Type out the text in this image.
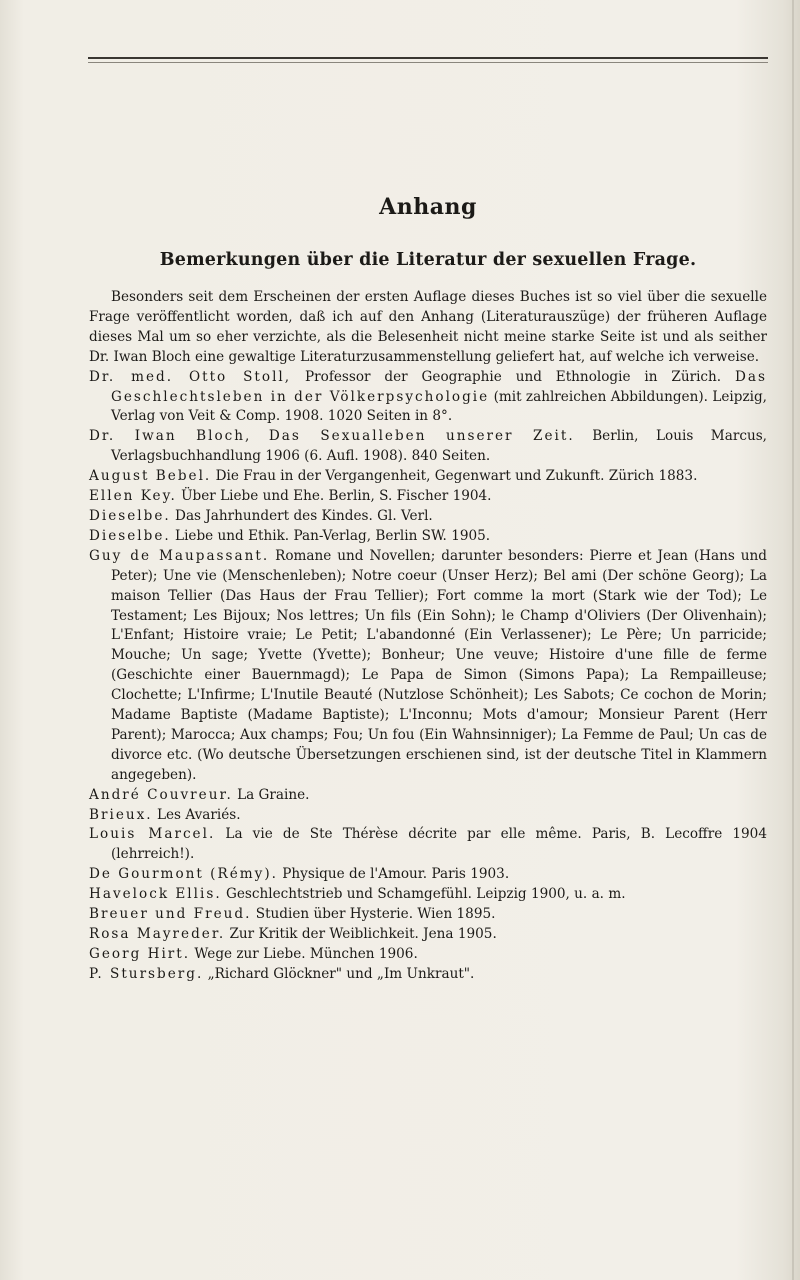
Anhang
Bemerkungen über die Literatur der sexuellen Frage.

Besonders seit dem Erscheinen der ersten Auflage dieses Buches ist so viel über die sexuelle Frage veröffentlicht worden, daß ich auf den Anhang (Literaturauszüge) der früheren Auflage dieses Mal um so eher verzichte, als die Belesenheit nicht meine starke Seite ist und als seither Dr. Iwan Bloch eine gewaltige Literaturzusammenstellung geliefert hat, auf welche ich verweise.

Dr. med. Otto Stoll, Professor der Geographie und Ethnologie in Zürich. Das Geschlechtsleben in der Völkerpsychologie (mit zahlreichen Abbildungen). Leipzig, Verlag von Veit & Comp. 1908. 1020 Seiten in 8°.

Dr. Iwan Bloch, Das Sexualleben unserer Zeit. Berlin, Louis Marcus, Verlagsbuchhandlung 1906 (6. Aufl. 1908). 840 Seiten.

August Bebel. Die Frau in der Vergangenheit, Gegenwart und Zukunft. Zürich 1883.

Ellen Key. Über Liebe und Ehe. Berlin, S. Fischer 1904.

Dieselbe. Das Jahrhundert des Kindes. Gl. Verl.

Dieselbe. Liebe und Ethik. Pan-Verlag, Berlin SW. 1905.

Guy de Maupassant. Romane und Novellen; darunter besonders: Pierre et Jean (Hans und Peter); Une vie (Menschenleben); Notre coeur (Unser Herz); Bel ami (Der schöne Georg); La maison Tellier (Das Haus der Frau Tellier); Fort comme la mort (Stark wie der Tod); Le Testament; Les Bijoux; Nos lettres; Un fils (Ein Sohn); le Champ d'Oliviers (Der Olivenhain); L'Enfant; Histoire vraie; Le Petit; L'abandonné (Ein Verlassener); Le Père; Un parricide; Mouche; Un sage; Yvette (Yvette); Bonheur; Une veuve; Histoire d'une fille de ferme (Geschichte einer Bauernmagd); Le Papa de Simon (Simons Papa); La Rempailleuse; Clochette; L'Infirme; L'Inutile Beauté (Nutzlose Schönheit); Les Sabots; Ce cochon de Morin; Madame Baptiste (Madame Baptiste); L'Inconnu; Mots d'amour; Monsieur Parent (Herr Parent); Marocca; Aux champs; Fou; Un fou (Ein Wahnsinniger); La Femme de Paul; Un cas de divorce etc. (Wo deutsche Übersetzungen erschienen sind, ist der deutsche Titel in Klammern angegeben).

André Couvreur. La Graine.

Brieux. Les Avariés.

Louis Marcel. La vie de Ste Thérèse décrite par elle même. Paris, B. Lecoffre 1904 (lehrreich!).

De Gourmont (Rémy). Physique de l'Amour. Paris 1903.

Havelock Ellis. Geschlechtstrieb und Schamgefühl. Leipzig 1900, u. a. m.

Breuer und Freud. Studien über Hysterie. Wien 1895.

Rosa Mayreder. Zur Kritik der Weiblichkeit. Jena 1905.

Georg Hirt. Wege zur Liebe. München 1906.

P. Stursberg. „Richard Glöckner" und „Im Unkraut".
